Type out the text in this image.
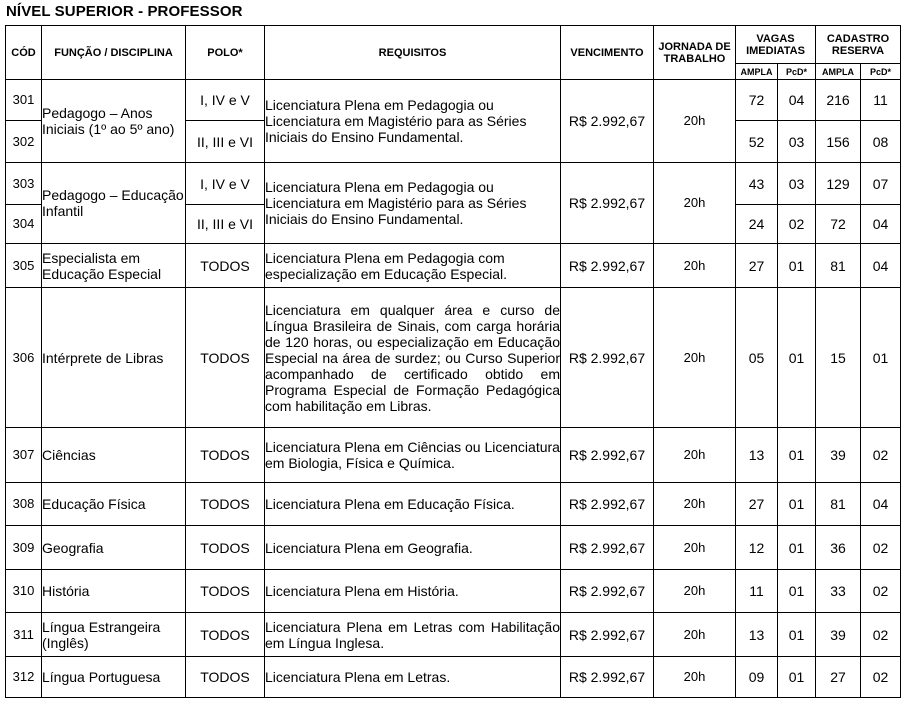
NÍVEL SUPERIOR - PROFESSOR
CÓD	FUNÇÃO / DISCIPLINA	POLO*	REQUISITOS	VENCIMENTO	JORNADA DE TRABALHO	VAGAS IMEDIATAS		CADASTRO RESERVA	
						AMPLA	PcD*	AMPLA	PcD*
301	Pedagogo – Anos Iniciais (1º ao 5º ano)	I, IV e V	Licenciatura Plena em Pedagogia ou Licenciatura em Magistério para as Séries Iniciais do Ensino Fundamental.	R$ 2.992,67	20h	72	04	216	11
302		II, III e VI				52	03	156	08
303	Pedagogo – Educação Infantil	I, IV e V	Licenciatura Plena em Pedagogia ou Licenciatura em Magistério para as Séries Iniciais do Ensino Fundamental.	R$ 2.992,67	20h	43	03	129	07
304		II, III e VI				24	02	72	04
305	Especialista em Educação Especial	TODOS	Licenciatura Plena em Pedagogia com especialização em Educação Especial.	R$ 2.992,67	20h	27	01	81	04
306	Intérprete de Libras	TODOS	Licenciatura em qualquer área e curso de Língua Brasileira de Sinais, com carga horária de 120 horas, ou especialização em Educação Especial na área de surdez; ou Curso Superior acompanhado de certificado obtido em Programa Especial de Formação Pedagógica com habilitação em Libras.	R$ 2.992,67	20h	05	01	15	01
307	Ciências	TODOS	Licenciatura Plena em Ciências ou Licenciatura em Biologia, Física e Química.	R$ 2.992,67	20h	13	01	39	02
308	Educação Física	TODOS	Licenciatura Plena em Educação Física.	R$ 2.992,67	20h	27	01	81	04
309	Geografia	TODOS	Licenciatura Plena em Geografia.	R$ 2.992,67	20h	12	01	36	02
310	História	TODOS	Licenciatura Plena em História.	R$ 2.992,67	20h	11	01	33	02
311	Língua Estrangeira (Inglês)	TODOS	Licenciatura Plena em Letras com Habilitação em Língua Inglesa.	R$ 2.992,67	20h	13	01	39	02
312	Língua Portuguesa	TODOS	Licenciatura Plena em Letras.	R$ 2.992,67	20h	09	01	27	02
